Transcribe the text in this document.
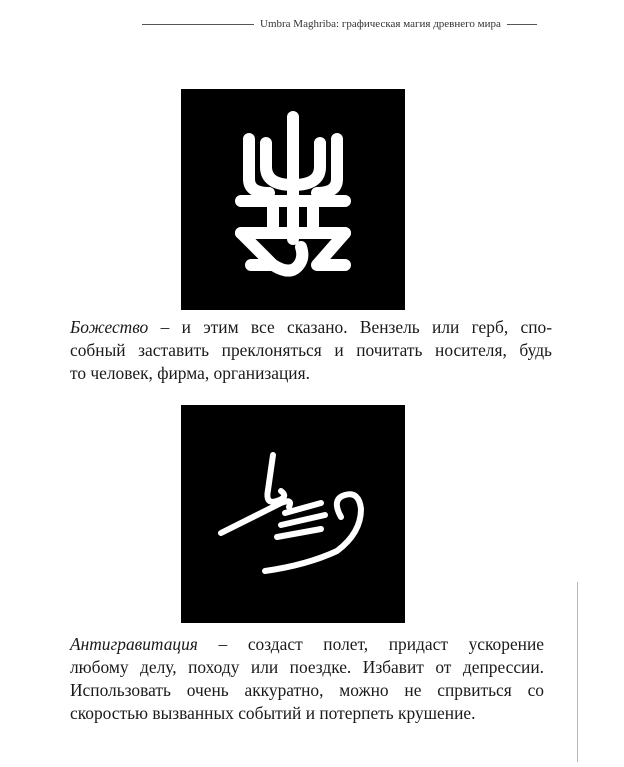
Umbra Maghriba: графическая магия древнего мира
Божество – и этим все сказано. Вензель или герб, спо-
собный заставить преклоняться и почитать носителя, будь
то человек, фирма, организация.
Антигравитация – создаст полет, придаст ускорение
любому делу, походу или поездке. Избавит от депрессии.
Использовать очень аккуратно, можно не спрвиться со
скоростью вызванных событий и потерпеть крушение.
